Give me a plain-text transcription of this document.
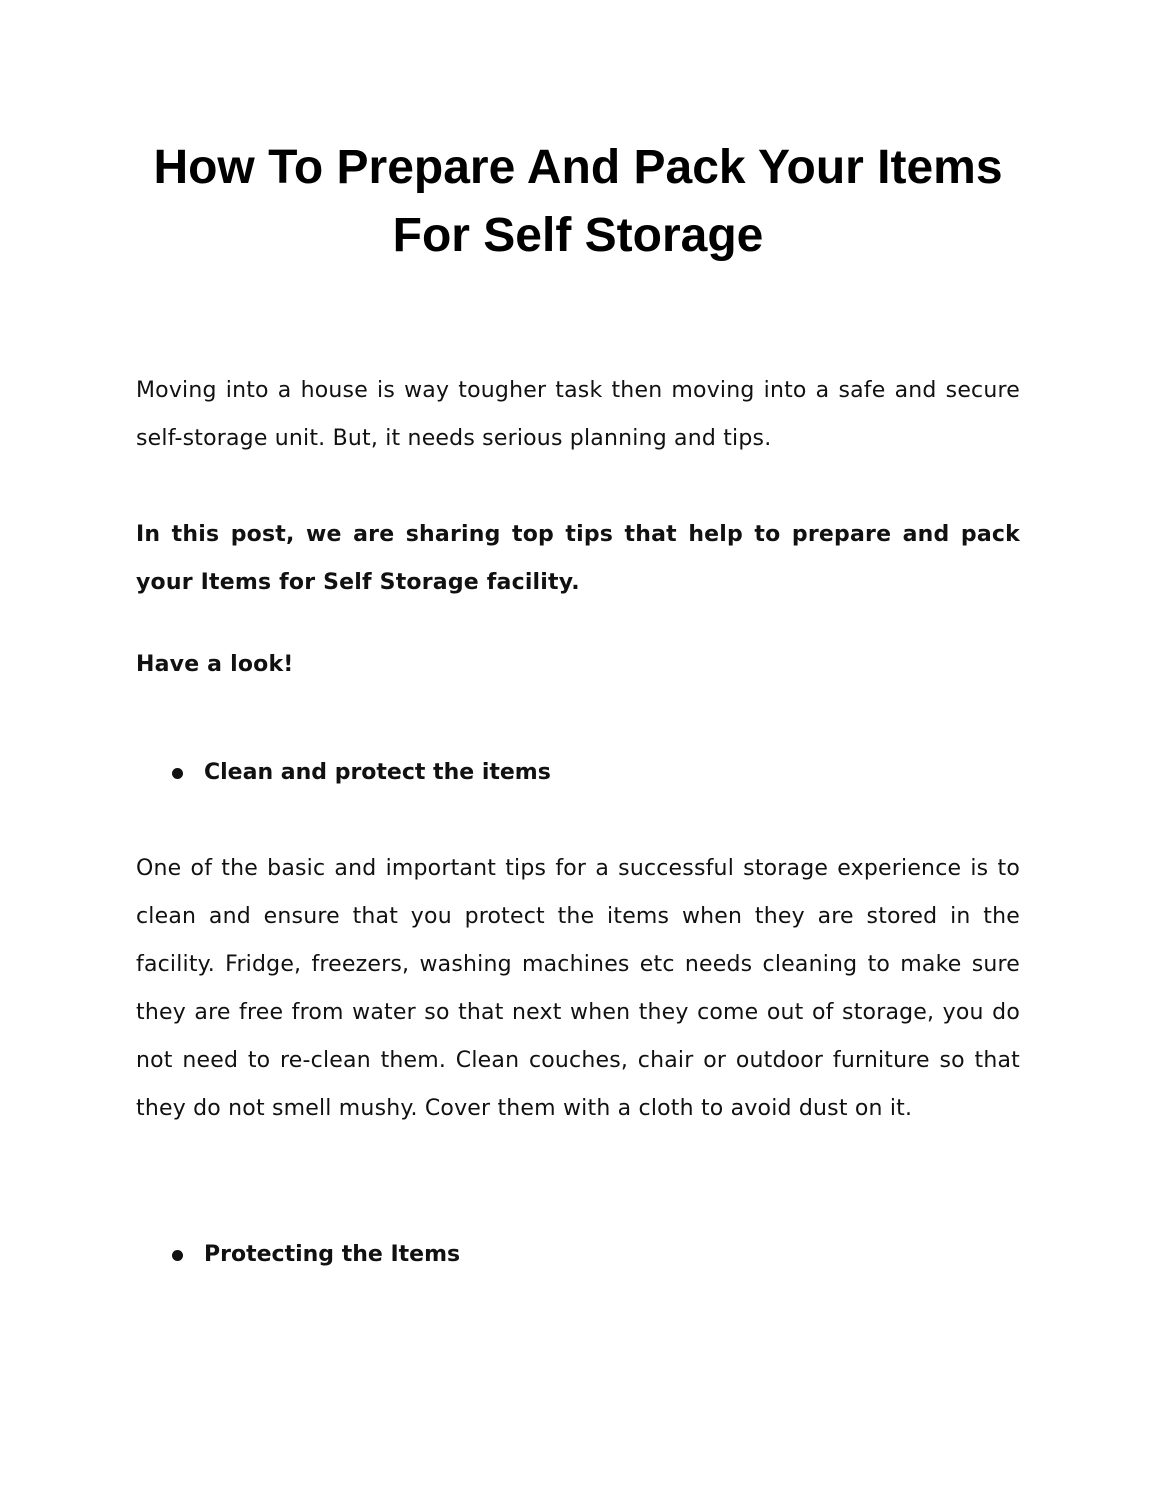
How To Prepare And Pack Your Items For Self Storage

Moving into a house is way tougher task then moving into a safe and secure self-storage unit. But, it needs serious planning and tips.

In this post, we are sharing top tips that help to prepare and pack your Items for Self Storage facility.

Have a look!

Clean and protect the items

One of the basic and important tips for a successful storage experience is to clean and ensure that you protect the items when they are stored in the facility. Fridge, freezers, washing machines etc needs cleaning to make sure they are free from water so that next when they come out of storage, you do not need to re-clean them. Clean couches, chair or outdoor furniture so that they do not smell mushy. Cover them with a cloth to avoid dust on it.

Protecting the Items
